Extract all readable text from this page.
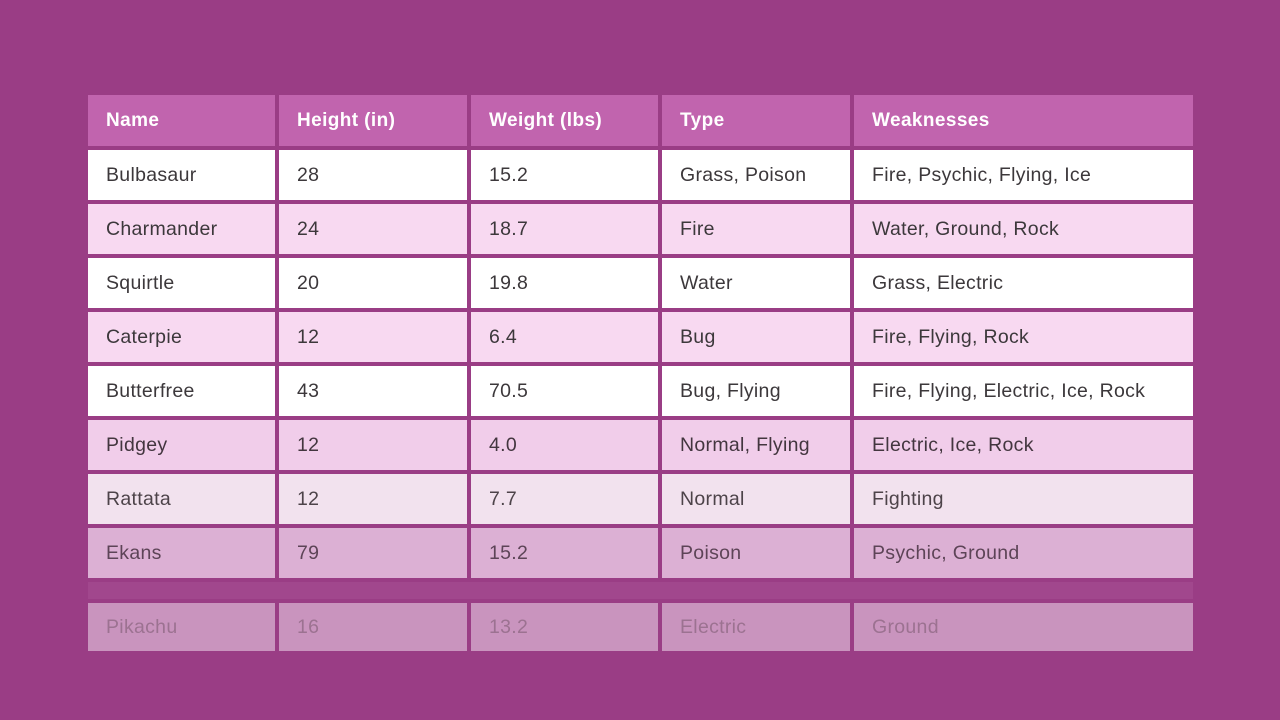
Name	Height (in)	Weight (lbs)	Type	Weaknesses
Bulbasaur	28	15.2	Grass, Poison	Fire, Psychic, Flying, Ice
Charmander	24	18.7	Fire	Water, Ground, Rock
Squirtle	20	19.8	Water	Grass, Electric
Caterpie	12	6.4	Bug	Fire, Flying, Rock
Butterfree	43	70.5	Bug, Flying	Fire, Flying, Electric, Ice, Rock
Pidgey	12	4.0	Normal, Flying	Electric, Ice, Rock
Rattata	12	7.7	Normal	Fighting
Ekans	79	15.2	Poison	Psychic, Ground
Pikachu	16	13.2	Electric	Ground
